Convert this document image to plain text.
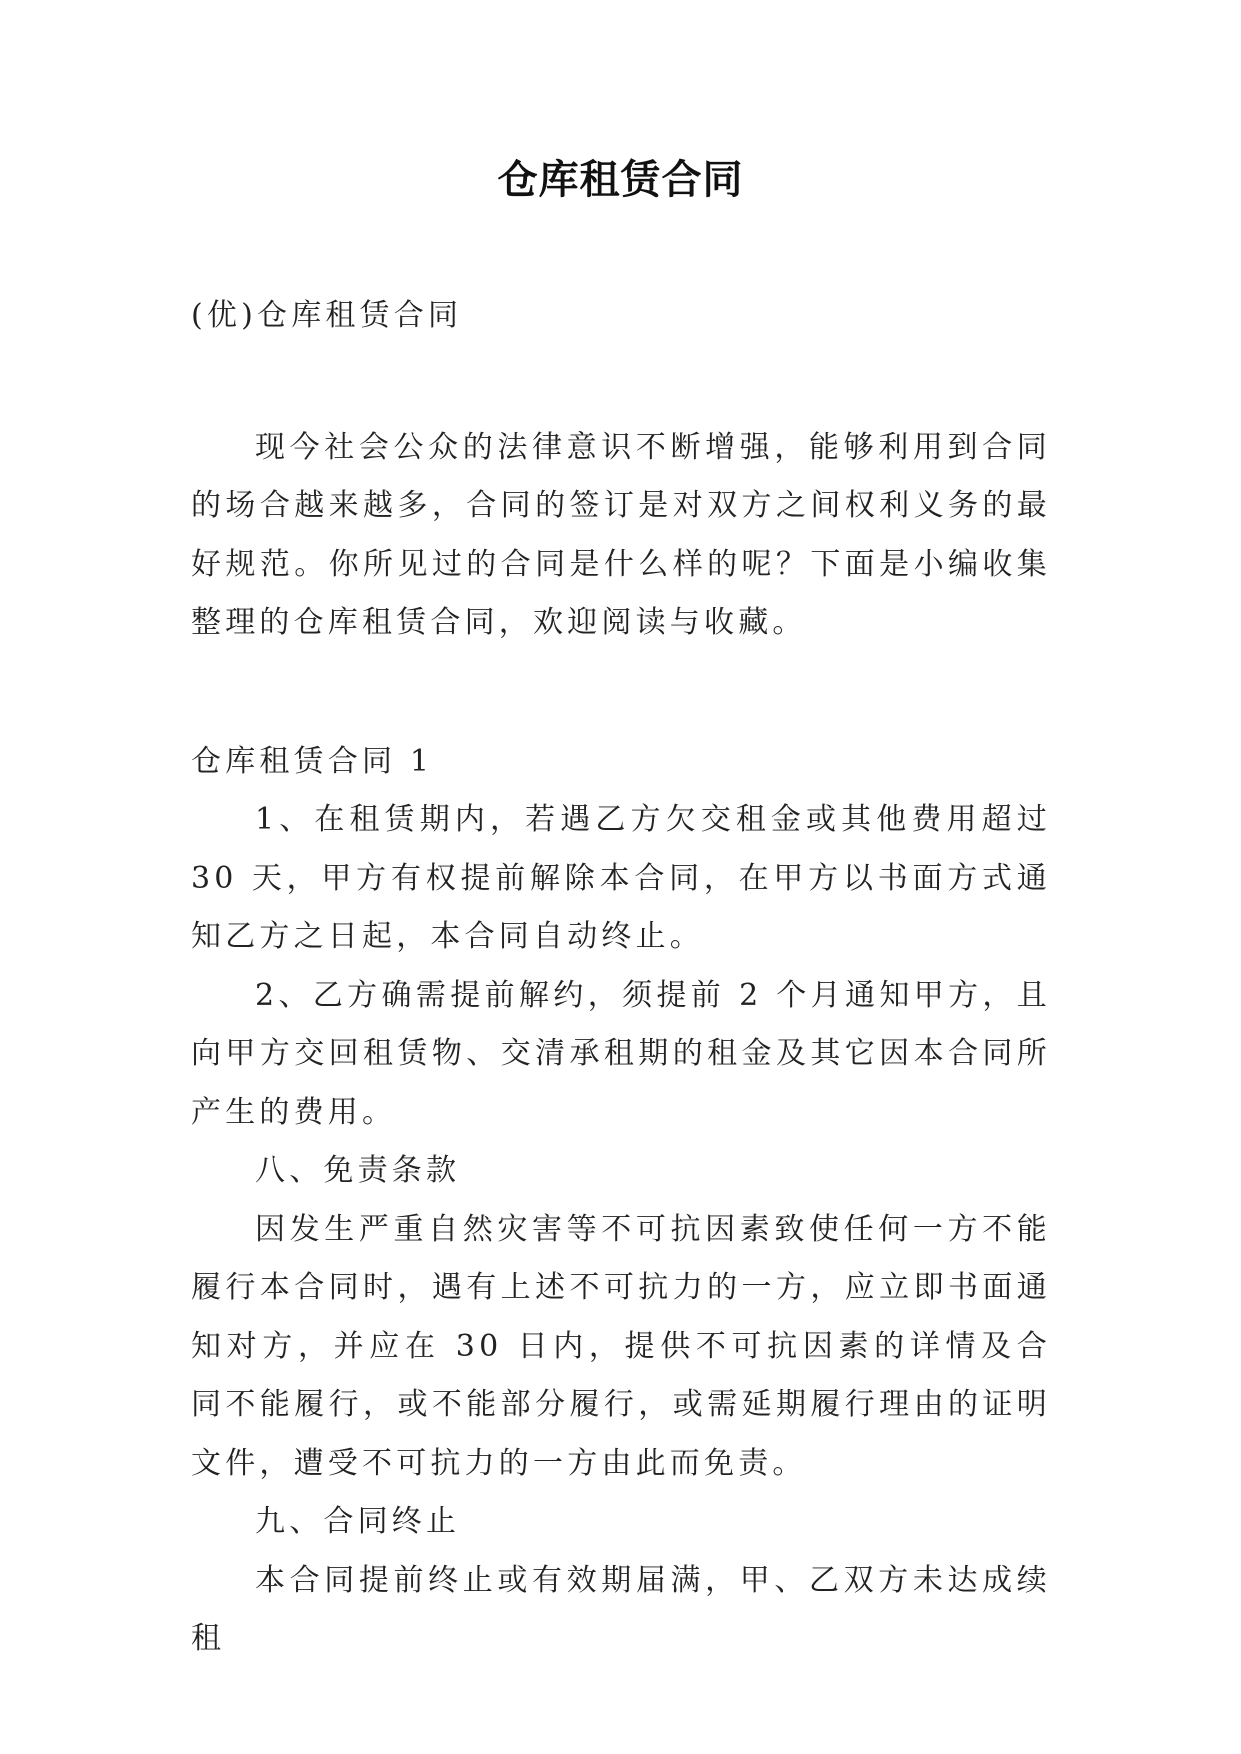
仓库租赁合同

(优)仓库租赁合同

现今社会公众的法律意识不断增强，能够利用到合同的场合越来越多，合同的签订是对双方之间权利义务的最好规范。你所见过的合同是什么样的呢？下面是小编收集整理的仓库租赁合同，欢迎阅读与收藏。

仓库租赁合同 1

1、在租赁期内，若遇乙方欠交租金或其他费用超过 30 天，甲方有权提前解除本合同，在甲方以书面方式通知乙方之日起，本合同自动终止。

2、乙方确需提前解约，须提前 2 个月通知甲方，且向甲方交回租赁物、交清承租期的租金及其它因本合同所产生的费用。

八、免责条款

因发生严重自然灾害等不可抗因素致使任何一方不能履行本合同时，遇有上述不可抗力的一方，应立即书面通知对方，并应在 30 日内，提供不可抗因素的详情及合同不能履行，或不能部分履行，或需延期履行理由的证明文件，遭受不可抗力的一方由此而免责。

九、合同终止

本合同提前终止或有效期届满，甲、乙双方未达成续租
